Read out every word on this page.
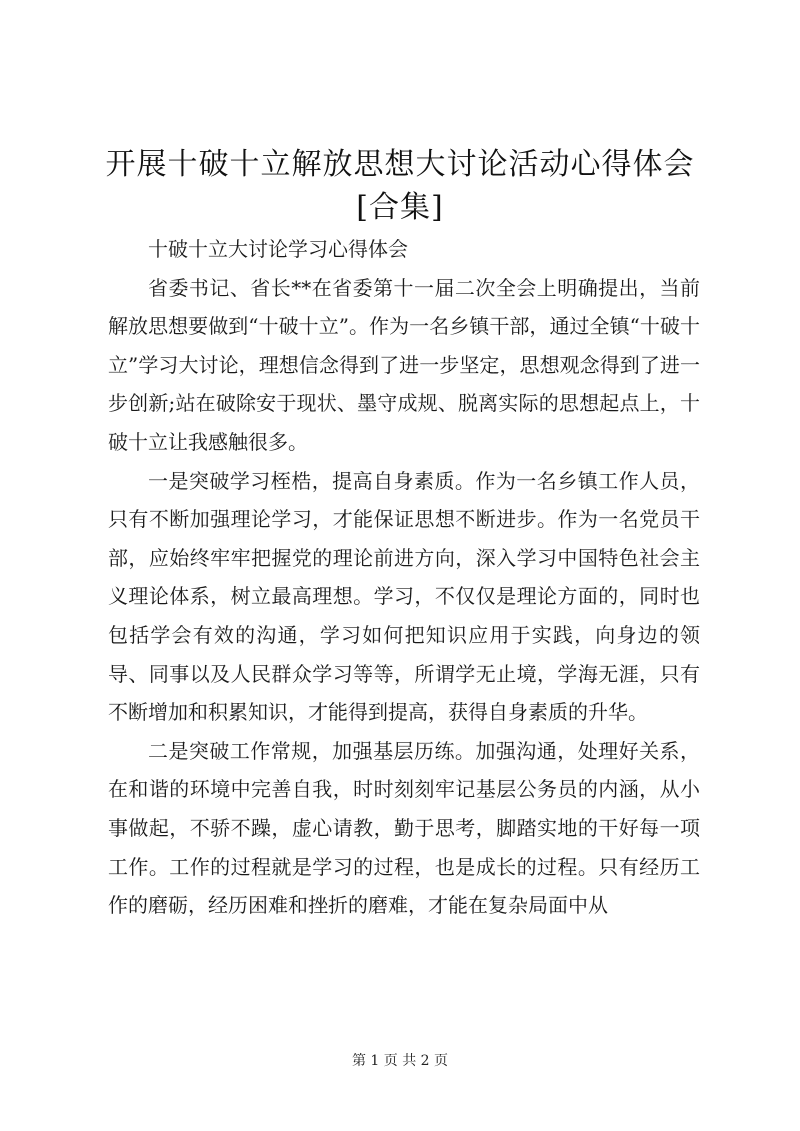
开展十破十立解放思想大讨论活动心得体会
[合集]

十破十立大讨论学习心得体会

省委书记、省长**在省委第十一届二次全会上明确提出，当前解放思想要做到“十破十立”。作为一名乡镇干部，通过全镇“十破十立”学习大讨论，理想信念得到了进一步坚定，思想观念得到了进一步创新;站在破除安于现状、墨守成规、脱离实际的思想起点上，十破十立让我感触很多。

一是突破学习桎梏，提高自身素质。作为一名乡镇工作人员，只有不断加强理论学习，才能保证思想不断进步。作为一名党员干部，应始终牢牢把握党的理论前进方向，深入学习中国特色社会主义理论体系，树立最高理想。学习，不仅仅是理论方面的，同时也包括学会有效的沟通，学习如何把知识应用于实践，向身边的领导、同事以及人民群众学习等等，所谓学无止境，学海无涯，只有不断增加和积累知识，才能得到提高，获得自身素质的升华。

二是突破工作常规，加强基层历练。加强沟通，处理好关系，在和谐的环境中完善自我，时时刻刻牢记基层公务员的内涵，从小事做起，不骄不躁，虚心请教，勤于思考，脚踏实地的干好每一项工作。工作的过程就是学习的过程，也是成长的过程。只有经历工作的磨砺，经历困难和挫折的磨难，才能在复杂局面中从

第 1 页 共 2 页
